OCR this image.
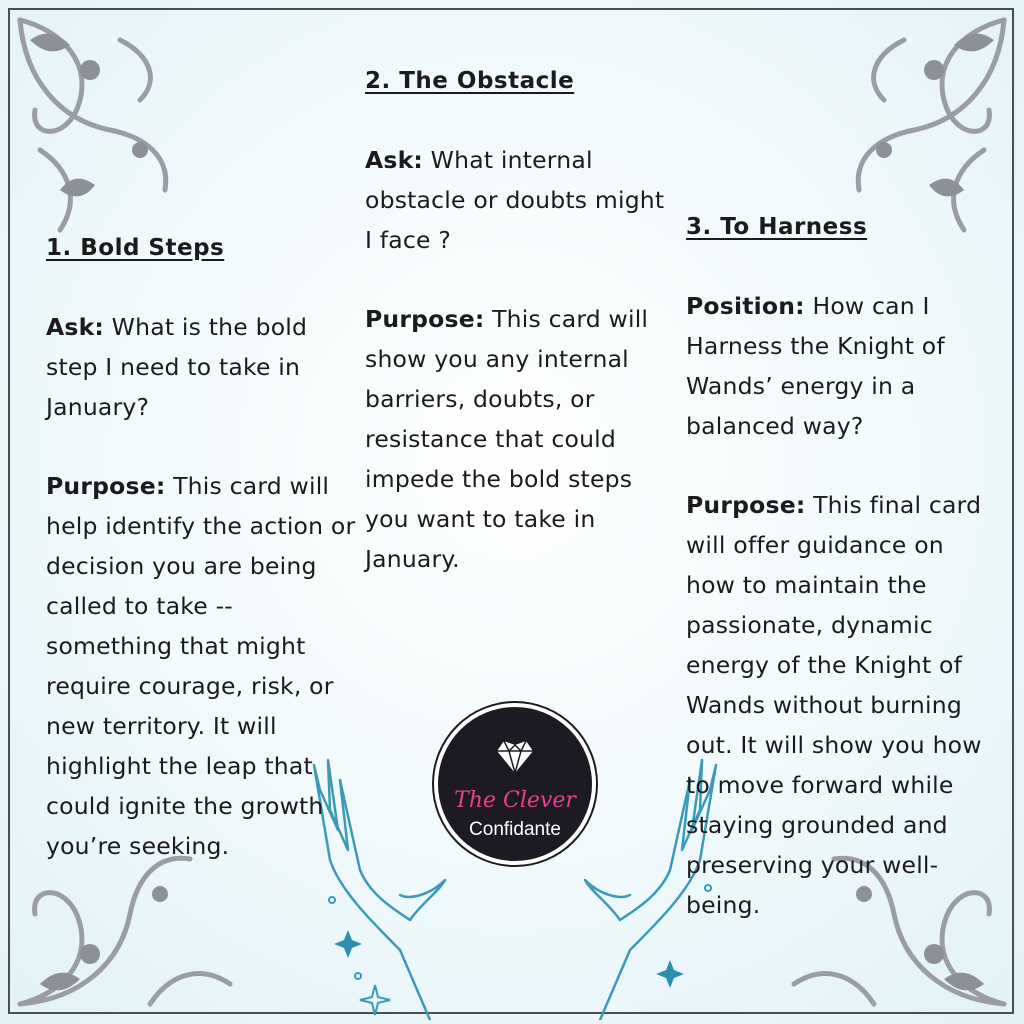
1. Bold Steps

Ask: What is the bold step I need to take in January?

Purpose: This card will help identify the action or decision you are being called to take -- something that might require courage, risk, or new territory. It will highlight the leap that could ignite the growth you’re seeking.

2. The Obstacle

Ask: What internal obstacle or doubts might I face ?

Purpose: This card will show you any internal barriers, doubts, or resistance that could impede the bold steps you want to take in January.

3. To Harness

Position: How can I Harness the Knight of Wands’ energy in a balanced way?

Purpose: This final card will offer guidance on how to maintain the passionate, dynamic energy of the Knight of Wands without burning out. It will show you how to move forward while staying grounded and preserving your well-being.

The Clever
Confidante
